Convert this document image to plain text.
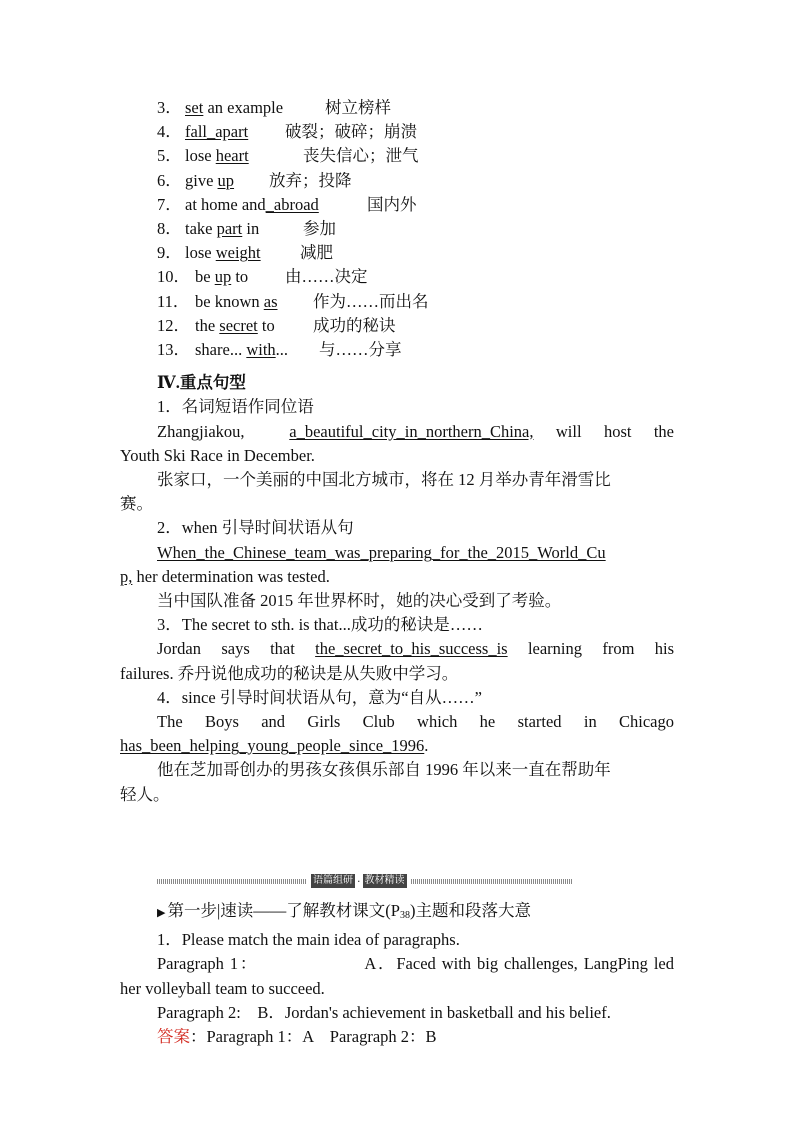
3． set an example	树立榜样
4． fall_apart	破裂；破碎；崩溃
5． lose heart	丧失信心；泄气
6． give up	放弃；投降
7． at home and_abroad	国内外
8． take part in	参加
9． lose weight	减肥
10． be up to	由……决定
11． be known as	作为……而出名
12． the secret to	成功的秘诀
13． share... with...	与……分享
Ⅳ.重点句型
1．名词短语作同位语
Zhangjiakou,  a_beautiful_city_in_northern_China, will host the
Youth Ski Race in December.
张家口，一个美丽的中国北方城市，将在 12 月举办青年滑雪比
赛。
2．when 引导时间状语从句
When_the_Chinese_team_was_preparing_for_the_2015_World_Cu
p, her determination was tested.
当中国队准备 2015 年世界杯时，她的决心受到了考验。
3．The secret to sth. is that...成功的秘诀是……
Jordan says that the_secret_to_his_success_is learning from his
failures. 乔丹说他成功的秘诀是从失败中学习。
4．since 引导时间状语从句，意为“自从……”
The Boys and Girls Club which he started in Chicago
has_been_helping_young_people_since_1996.
他在芝加哥创办的男孩女孩俱乐部自 1996 年以来一直在帮助年
轻人。
语篇组研 · 教材精读
▶ 第一步|速读——了解教材课文$(P_{38})$主题和段落大意
1．Please match the main idea of paragraphs.
Paragraph 1：                  A．Faced with big challenges, LangPing led
her volleyball team to succeed.
Paragraph 2:    B．Jordan's achievement in basketball and his belief.
答案：Paragraph 1：A    Paragraph 2：B
